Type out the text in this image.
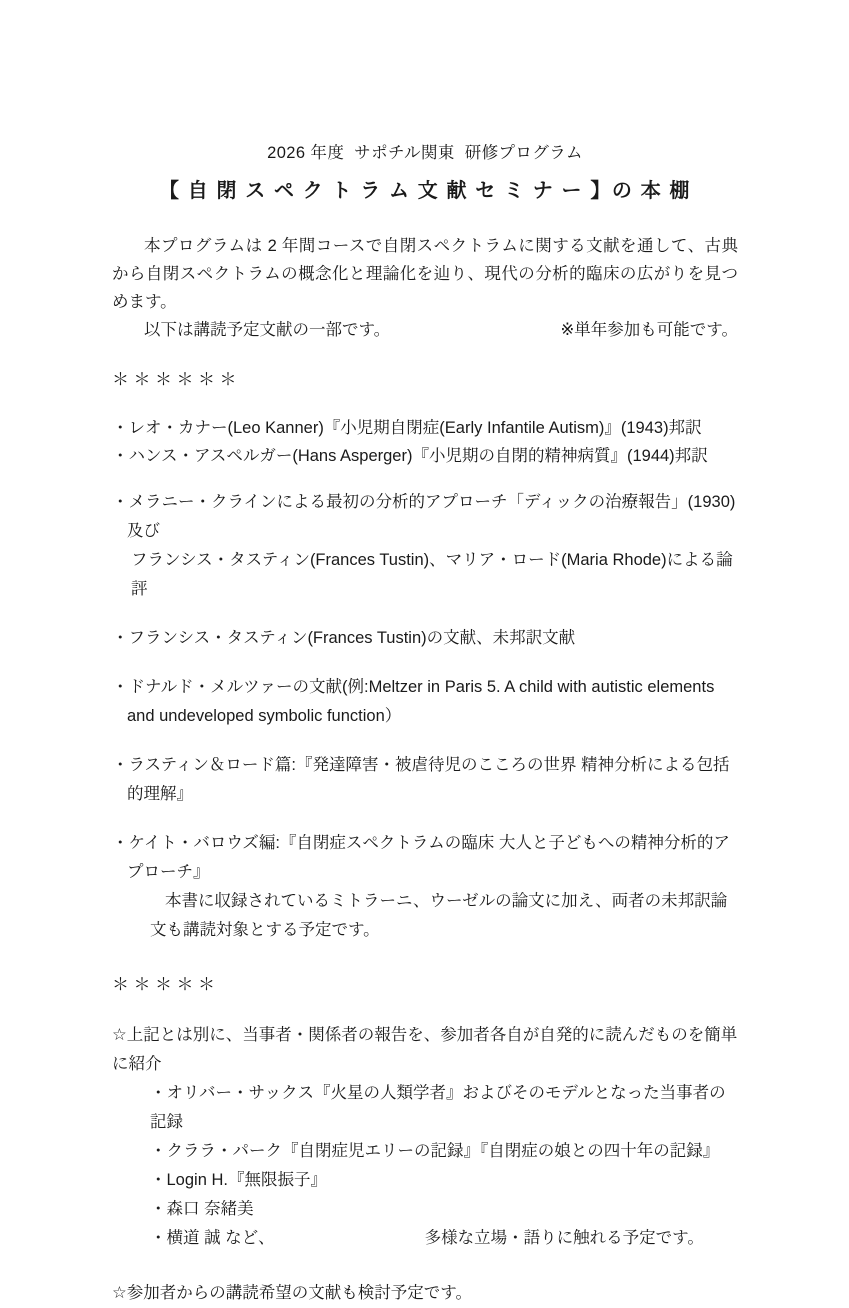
2026 年度  サポチル関東  研修プログラム
【 自 閉 ス ペ ク ト ラ ム 文 献 セ ミ ナ ー 】の 本 棚

本プログラムは 2 年間コースで自閉スペクトラムに関する文献を通して、古典から自閉スペクトラムの概念化と理論化を辿り、現代の分析的臨床の広がりを見つめます。

以下は講読予定文献の一部です。	※単年参加も可能です。
＊＊＊＊＊＊

・レオ・カナー(Leo Kanner)『小児期自閉症(Early Infantile Autism)』(1943)邦訳

・ハンス・アスペルガー(Hans Asperger)『小児期の自閉的精神病質』(1944)邦訳

・メラニー・クラインによる最初の分析的アプローチ「ディックの治療報告」(1930)及び

フランシス・タスティン(Frances Tustin)、マリア・ロード(Maria Rhode)による論評

・フランシス・タスティン(Frances Tustin)の文献、未邦訳文献

・ドナルド・メルツァーの文献(例:Meltzer in Paris 5. A child with autistic elements and undeveloped symbolic function）

・ラスティン＆ロード篇:『発達障害・被虐待児のこころの世界 精神分析による包括的理解』

・ケイト・バロウズ編:『自閉症スペクトラムの臨床 大人と子どもへの精神分析的アプローチ』

本書に収録されているミトラーニ、ウーゼルの論文に加え、両者の未邦訳論文も講読対象とする予定です。

＊＊＊＊＊

☆上記とは別に、当事者・関係者の報告を、参加者各自が自発的に読んだものを簡単に紹介

・オリバー・サックス『火星の人類学者』およびそのモデルとなった当事者の記録

・クララ・パーク『自閉症児エリーの記録』『自閉症の娘との四十年の記録』

・Login H.『無限振子』

・森口 奈緒美

・横道 誠 など、	多様な立場・語りに触れる予定です。

☆参加者からの講読希望の文献も検討予定です。
